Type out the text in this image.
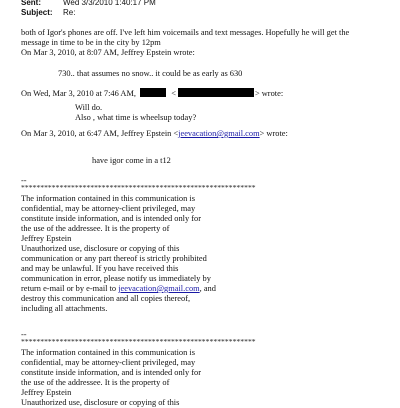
Sent:	Wed 3/3/2010 1:40:17 PM
Subject: Re:
both of Igor's phones are off. I've left him voicemails and text messages. Hopefully he will get the
message in time to be in the city by 12pm
On Mar 3, 2010, at 8:07 AM, Jeffrey Epstein wrote:
730.. that assumes no snow.. it could be as early as 630
On Wed, Mar 3, 2010 at 7:46 AM,	<	> wrote:
Will do.
Also , what time is wheelsup today?
On Mar 3, 2010, at 6:47 AM, Jeffrey Epstein <jeevacation@gmail.com> wrote:
have igor come in a t12
--
*************************************************************
The information contained in this communication is
confidential, may be attorney-client privileged, may
constitute inside information, and is intended only for
the use of the addressee. It is the property of
Jeffrey Epstein
Unauthorized use, disclosure or copying of this
communication or any part thereof is strictly prohibited
and may be unlawful. If you have received this
communication in error, please notify us immediately by
return e-mail or by e-mail to jeevacation@gmail.com, and
destroy this communication and all copies thereof,
including all attachments.
--
*************************************************************
The information contained in this communication is
confidential, may be attorney-client privileged, may
constitute inside information, and is intended only for
the use of the addressee. It is the property of
Jeffrey Epstein
Unauthorized use, disclosure or copying of this
